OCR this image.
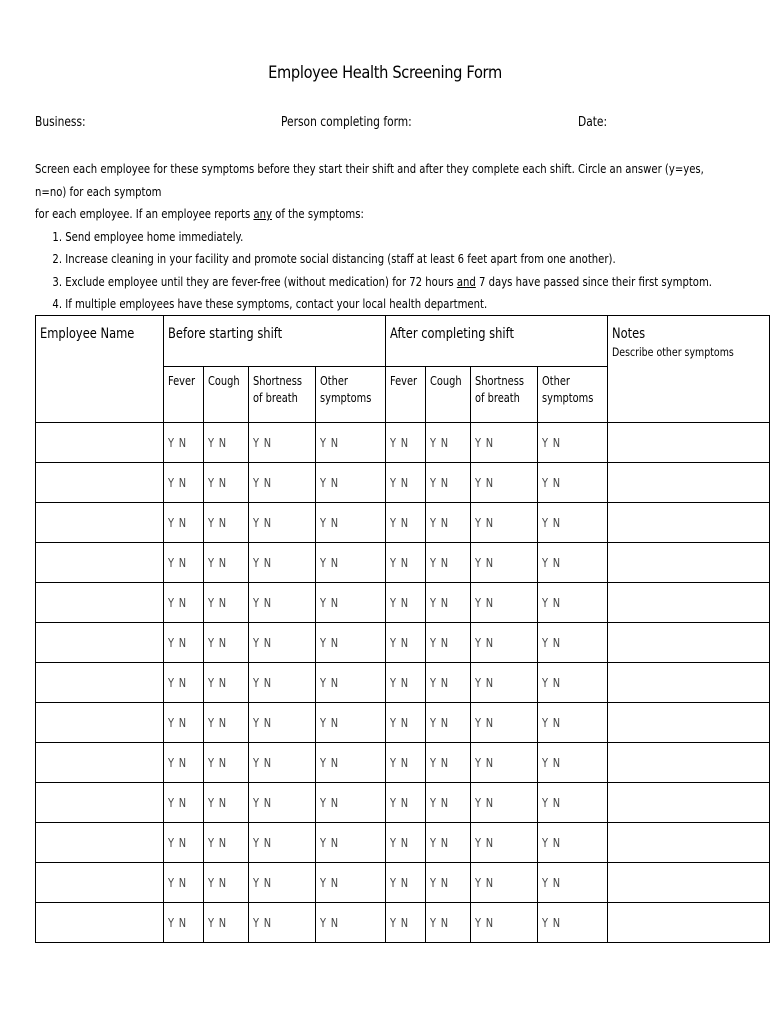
Employee Health Screening Form
Business:	Person completing form:	Date:

Screen each employee for these symptoms before they start their shift and after they complete each shift. Circle an answer (y=yes, n=no) for each symptom

for each employee. If an employee reports any of the symptoms:

1. Send employee home immediately.
2. Increase cleaning in your facility and promote social distancing (staff at least 6 feet apart from one another).
3. Exclude employee until they are fever-free (without medication) for 72 hours and 7 days have passed since their first symptom.
4. If multiple employees have these symptoms, contact your local health department.
Employee Name	Before starting shift				After completing shift				Notes
Describe other symptoms
	Fever	Cough	Shortness
of breath	Other
symptoms	Fever	Cough	Shortness
of breath	Other
symptoms	
	Y N	Y N	Y N	Y N	Y N	Y N	Y N	Y N	
	Y N	Y N	Y N	Y N	Y N	Y N	Y N	Y N	
	Y N	Y N	Y N	Y N	Y N	Y N	Y N	Y N	
	Y N	Y N	Y N	Y N	Y N	Y N	Y N	Y N	
	Y N	Y N	Y N	Y N	Y N	Y N	Y N	Y N	
	Y N	Y N	Y N	Y N	Y N	Y N	Y N	Y N	
	Y N	Y N	Y N	Y N	Y N	Y N	Y N	Y N	
	Y N	Y N	Y N	Y N	Y N	Y N	Y N	Y N	
	Y N	Y N	Y N	Y N	Y N	Y N	Y N	Y N	
	Y N	Y N	Y N	Y N	Y N	Y N	Y N	Y N	
	Y N	Y N	Y N	Y N	Y N	Y N	Y N	Y N	
	Y N	Y N	Y N	Y N	Y N	Y N	Y N	Y N	
	Y N	Y N	Y N	Y N	Y N	Y N	Y N	Y N	
